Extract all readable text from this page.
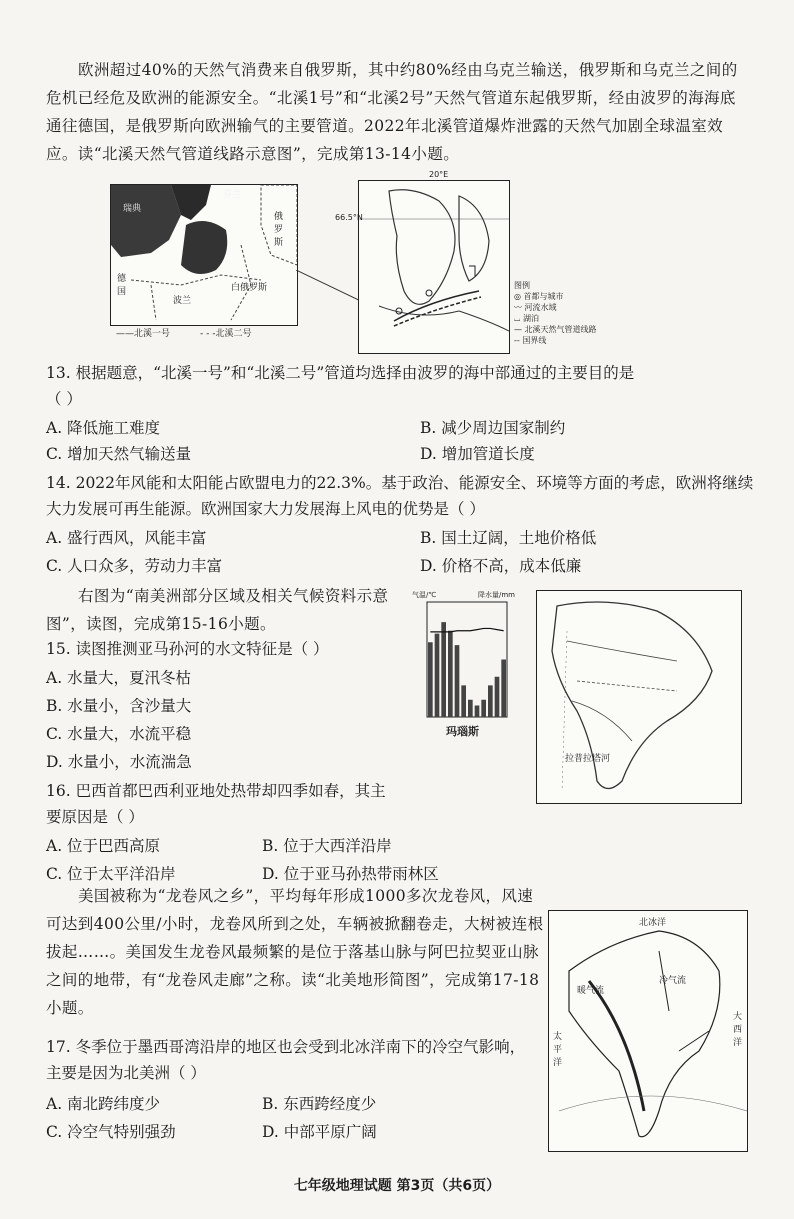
欧洲超过40%的天然气消费来自俄罗斯，其中约80%经由乌克兰输送，俄罗斯和乌克兰之间的危机已经危及欧洲的能源安全。“北溪1号”和“北溪2号”天然气管道东起俄罗斯，经由波罗的海海底通往德国，是俄罗斯向欧洲输气的主要管道。2022年北溪管道爆炸泄露的天然气加剧全球温室效应。读“北溪天然气管道线路示意图”，完成第13-14小题。

瑞典
芬兰
俄罗斯
德国
波兰
白俄罗斯
——北溪一号	- - -北溪二号
20°E
66.5°N
图例
◎ 首都与城市
〰 河流水域
⌴ 湖泊
— 北溪天然气管道线路
-- 国界线

13. 根据题意，“北溪一号”和“北溪二号”管道均选择由波罗的海中部通过的主要目的是

（ ）

A. 降低施工难度	B. 减少周边国家制约
C. 增加天然气输送量	D. 增加管道长度

14. 2022年风能和太阳能占欧盟电力的22.3%。基于政治、能源安全、环境等方面的考虑，欧洲将继续大力发展可再生能源。欧洲国家大力发展海上风电的优势是（ ）

A. 盛行西风，风能丰富	B. 国土辽阔，土地价格低
C. 人口众多，劳动力丰富	D. 价格不高，成本低廉

右图为“南美洲部分区域及相关气候资料示意图”，读图，完成第15-16小题。

气温/℃	降水量/mm
玛瑙斯
拉普拉塔河

15. 读图推测亚马孙河的水文特征是（ ）

A. 水量大，夏汛冬枯
B. 水量小，含沙量大
C. 水量大，水流平稳
D. 水量小，水流湍急

16. 巴西首都巴西利亚地处热带却四季如春，其主要原因是（ ）

A. 位于巴西高原	B. 位于大西洋沿岸
C. 位于太平洋沿岸	D. 位于亚马孙热带雨林区

美国被称为“龙卷风之乡”，平均每年形成1000多次龙卷风，风速可达到400公里/小时，龙卷风所到之处，车辆被掀翻卷走，大树被连根拔起……。美国发生龙卷风最频繁的是位于落基山脉与阿巴拉契亚山脉之间的地带，有“龙卷风走廊”之称。读“北美地形简图”，完成第17-18小题。

北冰洋
太平洋
大西洋
暖气流
冷气流

17. 冬季位于墨西哥湾沿岸的地区也会受到北冰洋南下的冷空气影响，主要是因为北美洲（ ）

A. 南北跨纬度少	B. 东西跨经度少
C. 冷空气特别强劲	D. 中部平原广阔
七年级地理试题 第3页（共6页）
